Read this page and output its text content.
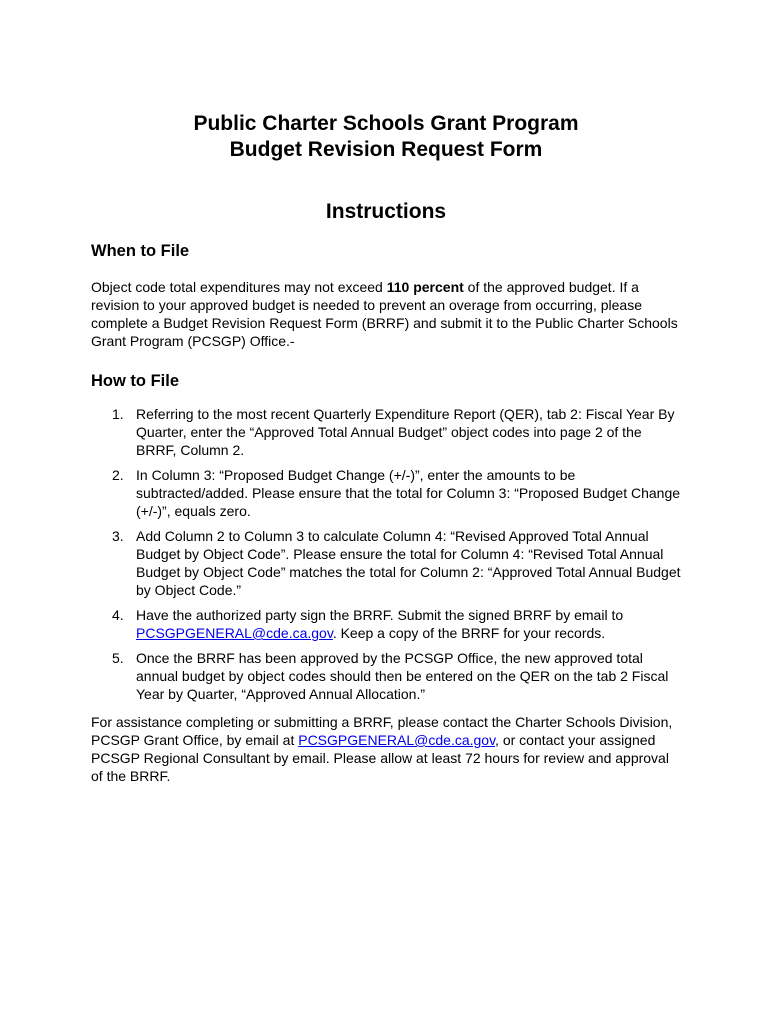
Public Charter Schools Grant Program
Budget Revision Request Form
Instructions
When to File

Object code total expenditures may not exceed 110 percent of the approved budget. If a revision to your approved budget is needed to prevent an overage from occurring, please complete a Budget Revision Request Form (BRRF) and submit it to the Public Charter Schools Grant Program (PCSGP) Office.-

How to File
1. Referring to the most recent Quarterly Expenditure Report (QER), tab 2: Fiscal Year By Quarter, enter the “Approved Total Annual Budget” object codes into page 2 of the BRRF, Column 2.
2. In Column 3: “Proposed Budget Change (+/-)”, enter the amounts to be subtracted/added. Please ensure that the total for Column 3: “Proposed Budget Change (+/-)”, equals zero.
3. Add Column 2 to Column 3 to calculate Column 4: “Revised Approved Total Annual Budget by Object Code”. Please ensure the total for Column 4: “Revised Total Annual Budget by Object Code” matches the total for Column 2: “Approved Total Annual Budget by Object Code.”
4. Have the authorized party sign the BRRF. Submit the signed BRRF by email to PCSGPGENERAL@cde.ca.gov. Keep a copy of the BRRF for your records.
5. Once the BRRF has been approved by the PCSGP Office, the new approved total annual budget by object codes should then be entered on the QER on the tab 2 Fiscal Year by Quarter, “Approved Annual Allocation.”

For assistance completing or submitting a BRRF, please contact the Charter Schools Division, PCSGP Grant Office, by email at PCSGPGENERAL@cde.ca.gov, or contact your assigned PCSGP Regional Consultant by email. Please allow at least 72 hours for review and approval of the BRRF.
